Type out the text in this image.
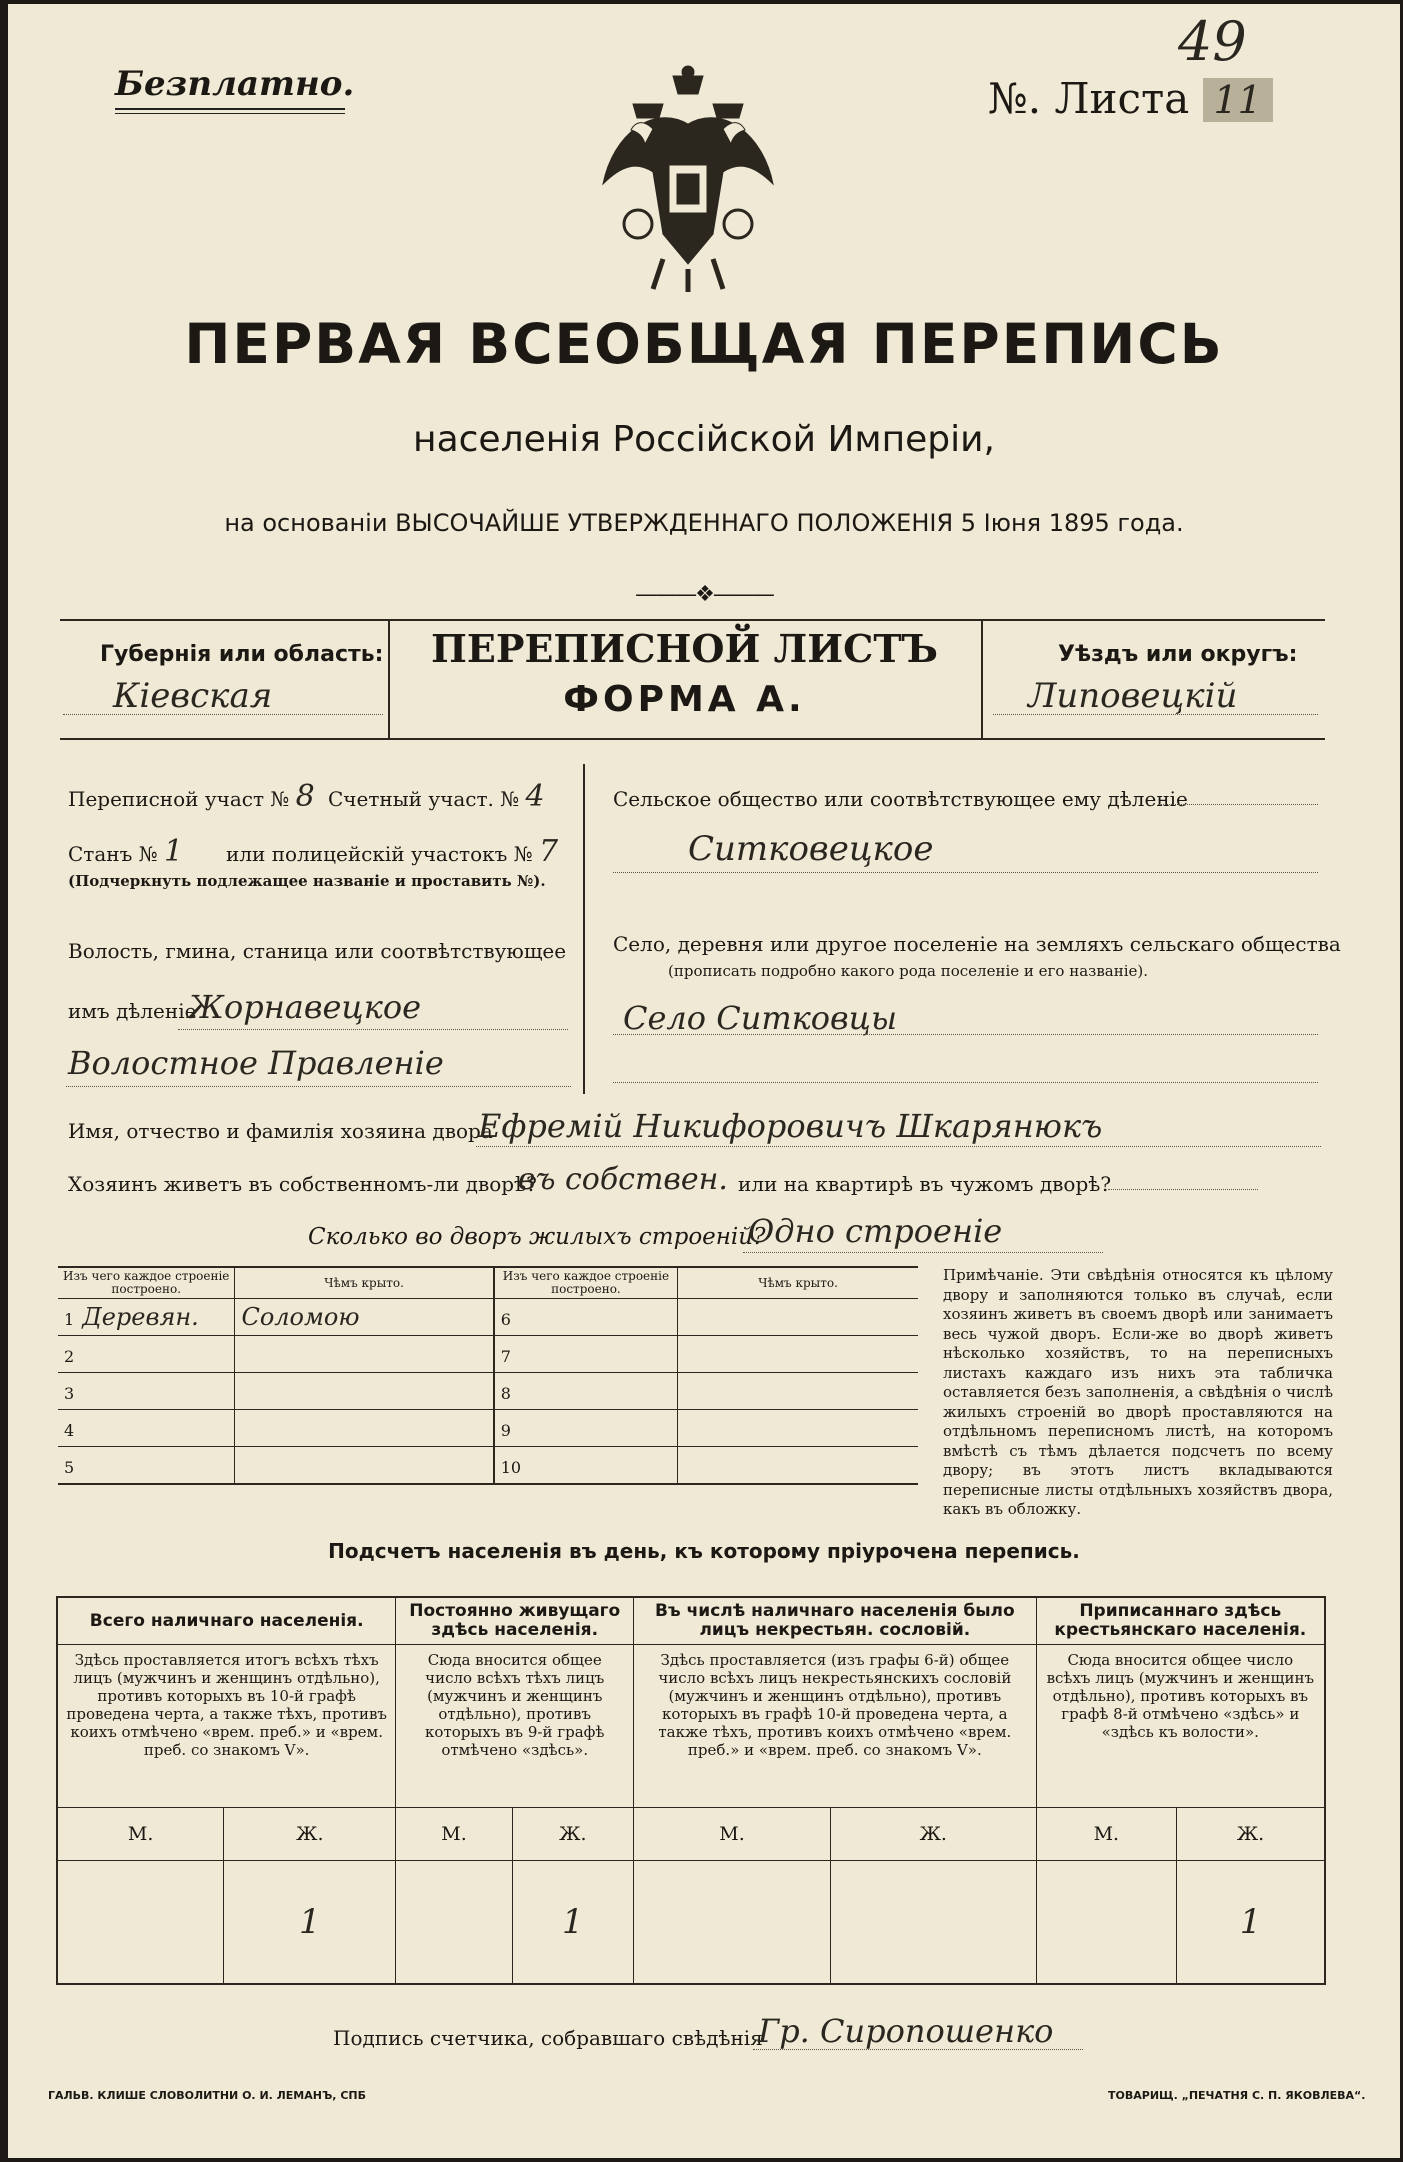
49
Безплатно.	№. Листа 11
ПЕРВАЯ ВСЕОБЩАЯ ПЕРЕПИСЬ
населенія Россійской Имперіи,
на основаніи ВЫСОЧАЙШЕ УТВЕРЖДЕННАГО ПОЛОЖЕНІЯ 5 Іюня 1895 года.
———❖———
Губернія или область:
Кіевская
ПЕРЕПИСНОЙ ЛИСТЪ
ФОРМА А.
Уѣздъ или округъ:
Липовецкій
Переписной участ № 8 Счетный участ. № 4
Станъ № 1 или полицейскій участокъ № 7
(Подчеркнуть подлежащее названіе и проставить №).
Волость, гмина, станица или соотвѣтствующее
имъ дѣленіе
Жорнавецкое
Волостное Правленіе
Сельское общество или соотвѣтствующее ему дѣленіе
Ситковецкое
Село, деревня или другое поселеніе на земляхъ сельскаго общества
(прописать подробно какого рода поселеніе и его названіе).
Село Ситковцы
Имя, отчество и фамилія хозяина двора
Ефремій Никифоровичъ Шкарянюкъ
Хозяинъ живетъ въ собственномъ-ли дворѣ?
въ собствен. или на квартирѣ въ чужомъ дворѣ?
Сколько во дворъ жилыхъ строеній?
Одно строеніе
Изъ чего каждое строеніе построено.	Чѣмъ крыто.	Изъ чего каждое строеніе построено.	Чѣмъ крыто.
1 Деревян.	Соломою	6	
2		7	
3		8	
4		9	
5		10	
Примѣчаніе. Эти свѣдѣнія относятся къ цѣлому двору и заполняются только въ случаѣ, если хозяинъ живетъ въ своемъ дворѣ или занимаетъ весь чужой дворъ. Если-же во дворѣ живетъ нѣсколько хозяйствъ, то на переписныхъ листахъ каждаго изъ нихъ эта табличка оставляется безъ заполненія, а свѣдѣнія о числѣ жилыхъ строеній во дворѣ проставляются на отдѣльномъ переписномъ листѣ, на которомъ вмѣстѣ съ тѣмъ дѣлается подсчетъ по всему двору; въ этотъ листъ вкладываются переписные листы отдѣльныхъ хозяйствъ двора, какъ въ обложку.
Подсчетъ населенія въ день, къ которому пріурочена перепись.
Всего наличнаго населенія.		Постоянно живущаго здѣсь населенія.		Въ числѣ наличнаго населенія было лицъ некрестьян. сословій.		Приписаннаго здѣсь крестьянскаго населенія.	
Здѣсь проставляется итогъ всѣхъ тѣхъ лицъ (мужчинъ и женщинъ отдѣльно), противъ которыхъ въ 10-й графѣ проведена черта, а также тѣхъ, противъ коихъ отмѣчено «врем. преб.» и «врем. преб. со знакомъ V».		Сюда вносится общее число всѣхъ тѣхъ лицъ (мужчинъ и женщинъ отдѣльно), противъ которыхъ въ 9-й графѣ отмѣчено «здѣсь».		Здѣсь проставляется (изъ графы 6-й) общее число всѣхъ лицъ некрестьянскихъ сословій (мужчинъ и женщинъ отдѣльно), противъ которыхъ въ графѣ 10-й проведена черта, а также тѣхъ, противъ коихъ отмѣчено «врем. преб.» и «врем. преб. со знакомъ V».		Сюда вносится общее число всѣхъ лицъ (мужчинъ и женщинъ отдѣльно), противъ которыхъ въ графѣ 8-й отмѣчено «здѣсь» и «здѣсь къ волости».	
М.	Ж.	М.	Ж.	М.	Ж.	М.	Ж.
	1		1				1
Подпись счетчика, собравшаго свѣдѣнія
Гр. Сиропошенко
ГАЛЬВ. КЛИШЕ СЛОВОЛИТНИ О. И. ЛЕМАНЪ, СПБ	ТОВАРИЩ. „ПЕЧАТНЯ С. П. ЯКОВЛЕВА“.
